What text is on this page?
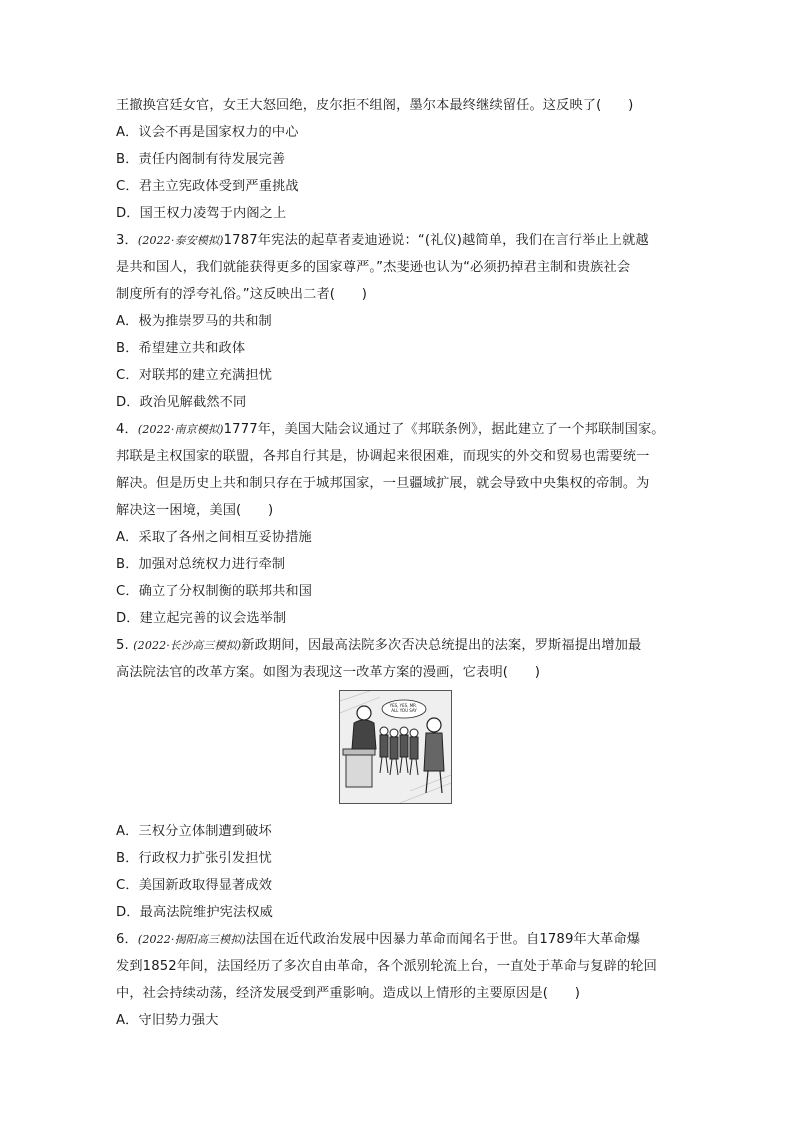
王撤换宫廷女官，女王大怒回绝，皮尔拒不组阁，墨尔本最终继续留任。这反映了(　　)
A．议会不再是国家权力的中心
B．责任内阁制有待发展完善
C．君主立宪政体受到严重挑战
D．国王权力凌驾于内阁之上
3．(2022·泰安模拟)1787年宪法的起草者麦迪逊说：“(礼仪)越简单，我们在言行举止上就越
是共和国人，我们就能获得更多的国家尊严。”杰斐逊也认为“必须扔掉君主制和贵族社会
制度所有的浮夸礼俗。”这反映出二者(　　)
A．极为推崇罗马的共和制
B．希望建立共和政体
C．对联邦的建立充满担忧
D．政治见解截然不同
4．(2022·南京模拟)1777年，美国大陆会议通过了《邦联条例》，据此建立了一个邦联制国家。
邦联是主权国家的联盟，各邦自行其是，协调起来很困难，而现实的外交和贸易也需要统一
解决。但是历史上共和制只存在于城邦国家，一旦疆域扩展，就会导致中央集权的帝制。为
解决这一困境，美国(　　)
A．采取了各州之间相互妥协措施
B．加强对总统权力进行牵制
C．确立了分权制衡的联邦共和国
D．建立起完善的议会选举制
5. (2022·长沙高三模拟)新政期间，因最高法院多次否决总统提出的法案，罗斯福提出增加最
高法院法官的改革方案。如图为表现这一改革方案的漫画，它表明(　　)
YES, YES, MR. ALL YOU SAY
A．三权分立体制遭到破坏
B．行政权力扩张引发担忧
C．美国新政取得显著成效
D．最高法院维护宪法权威
6．(2022·揭阳高三模拟)法国在近代政治发展中因暴力革命而闻名于世。自1789年大革命爆
发到1852年间，法国经历了多次自由革命，各个派别轮流上台，一直处于革命与复辟的轮回
中，社会持续动荡，经济发展受到严重影响。造成以上情形的主要原因是(　　)
A．守旧势力强大
